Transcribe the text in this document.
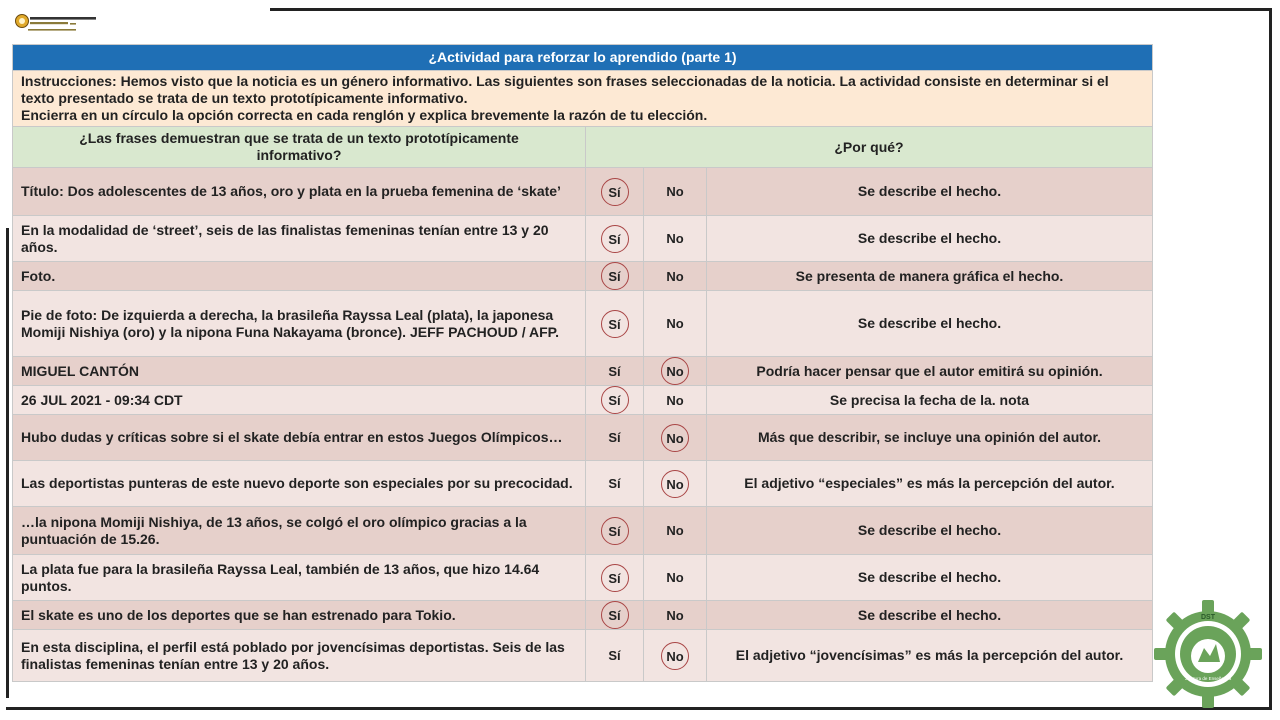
¿Actividad para reforzar lo aprendido (parte 1)			

Instrucciones: Hemos visto que la noticia es un género informativo. Las siguientes son frases seleccionadas de la noticia. La actividad consiste en determinar si el texto presentado se trata de un texto prototípicamente informativo.
Encierra en un círculo la opción correcta en cada renglón y explica brevemente la razón de tu elección.			

¿Las frases demuestran que se trata de un texto prototípicamente informativo?	¿Por qué?		
Título: Dos adolescentes de 13 años, oro y plata en la prueba femenina de ‘skate’	Sí	No	Se describe el hecho.
En la modalidad de ‘street’, seis de las finalistas femeninas tenían entre 13 y 20 años.	Sí	No	Se describe el hecho.
Foto.	Sí	No	Se presenta de manera gráfica el hecho.
Pie de foto: De izquierda a derecha, la brasileña Rayssa Leal (plata), la japonesa Momiji Nishiya (oro) y la nipona Funa Nakayama (bronce). JEFF PACHOUD / AFP.	Sí	No	Se describe el hecho.
MIGUEL CANTÓN	Sí	No	Podría hacer pensar que el autor emitirá su opinión.
26 JUL 2021 - 09:34 CDT	Sí	No	Se precisa la fecha de la. nota
Hubo dudas y críticas sobre si el skate debía entrar en estos Juegos Olímpicos…	Sí	No	Más que describir, se incluye una opinión del autor.
Las deportistas punteras de este nuevo deporte son especiales por su precocidad.	Sí	No	El adjetivo “especiales” es más la percepción del autor.
…la nipona Momiji Nishiya, de 13 años, se colgó el oro olímpico gracias a la puntuación de 15.26.	Sí	No	Se describe el hecho.
La plata fue para la brasileña Rayssa Leal, también de 13 años, que hizo 14.64 puntos.	Sí	No	Se describe el hecho.
El skate es uno de los deportes que se han estrenado para Tokio.	Sí	No	Se describe el hecho.
En esta disciplina, el perfil está poblado por jovencísimas deportistas. Seis de las finalistas femeninas tenían entre 13 y 20 años.	Sí	No	El adjetivo “jovencísimas” es más la percepción del autor.
DST
Jefatura de Enseñanza Zona 04
